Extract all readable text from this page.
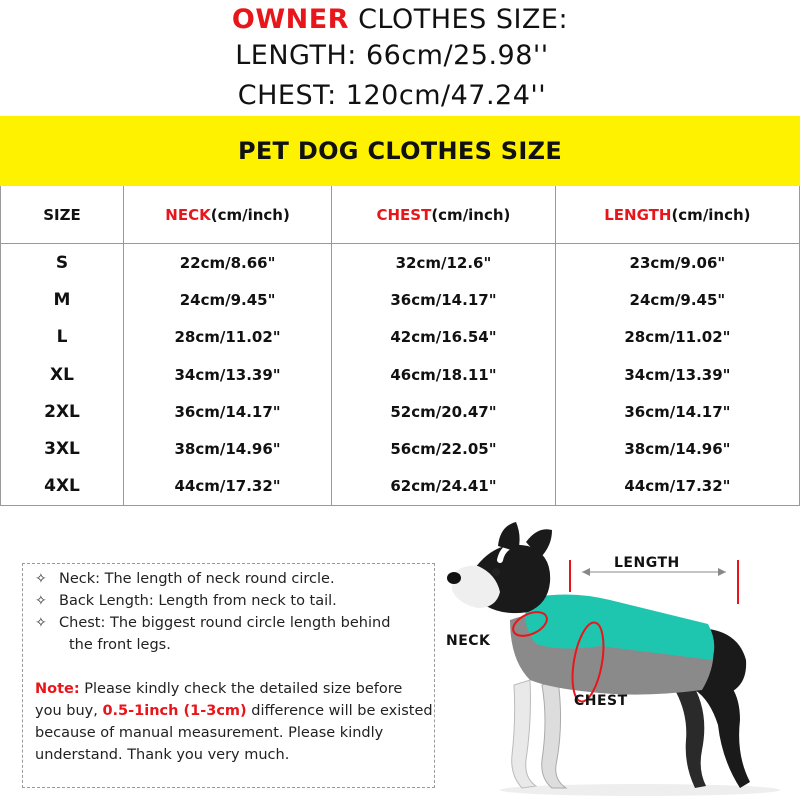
OWNER CLOTHES SIZE:
LENGTH: 66cm/25.98''
CHEST: 120cm/47.24''
PET DOG CLOTHES SIZE
SIZE	NECK(cm/inch)	CHEST(cm/inch)	LENGTH(cm/inch)
S	22cm/8.66"	32cm/12.6"	23cm/9.06"
M	24cm/9.45"	36cm/14.17"	24cm/9.45"
L	28cm/11.02"	42cm/16.54"	28cm/11.02"
XL	34cm/13.39"	46cm/18.11"	34cm/13.39"
2XL	36cm/14.17"	52cm/20.47"	36cm/14.17"
3XL	38cm/14.96"	56cm/22.05"	38cm/14.96"
4XL	44cm/17.32"	62cm/24.41"	44cm/17.32"
✧ Neck: The length of neck round circle.
✧ Back Length: Length from neck to tail.
✧ Chest: The biggest round circle length behind
the front legs.
Note: Please kindly check the detailed size before you buy, 0.5-1inch (1-3cm) difference will be existed because of manual measurement. Please kindly understand. Thank you very much.
LENGTH
NECK
CHEST
